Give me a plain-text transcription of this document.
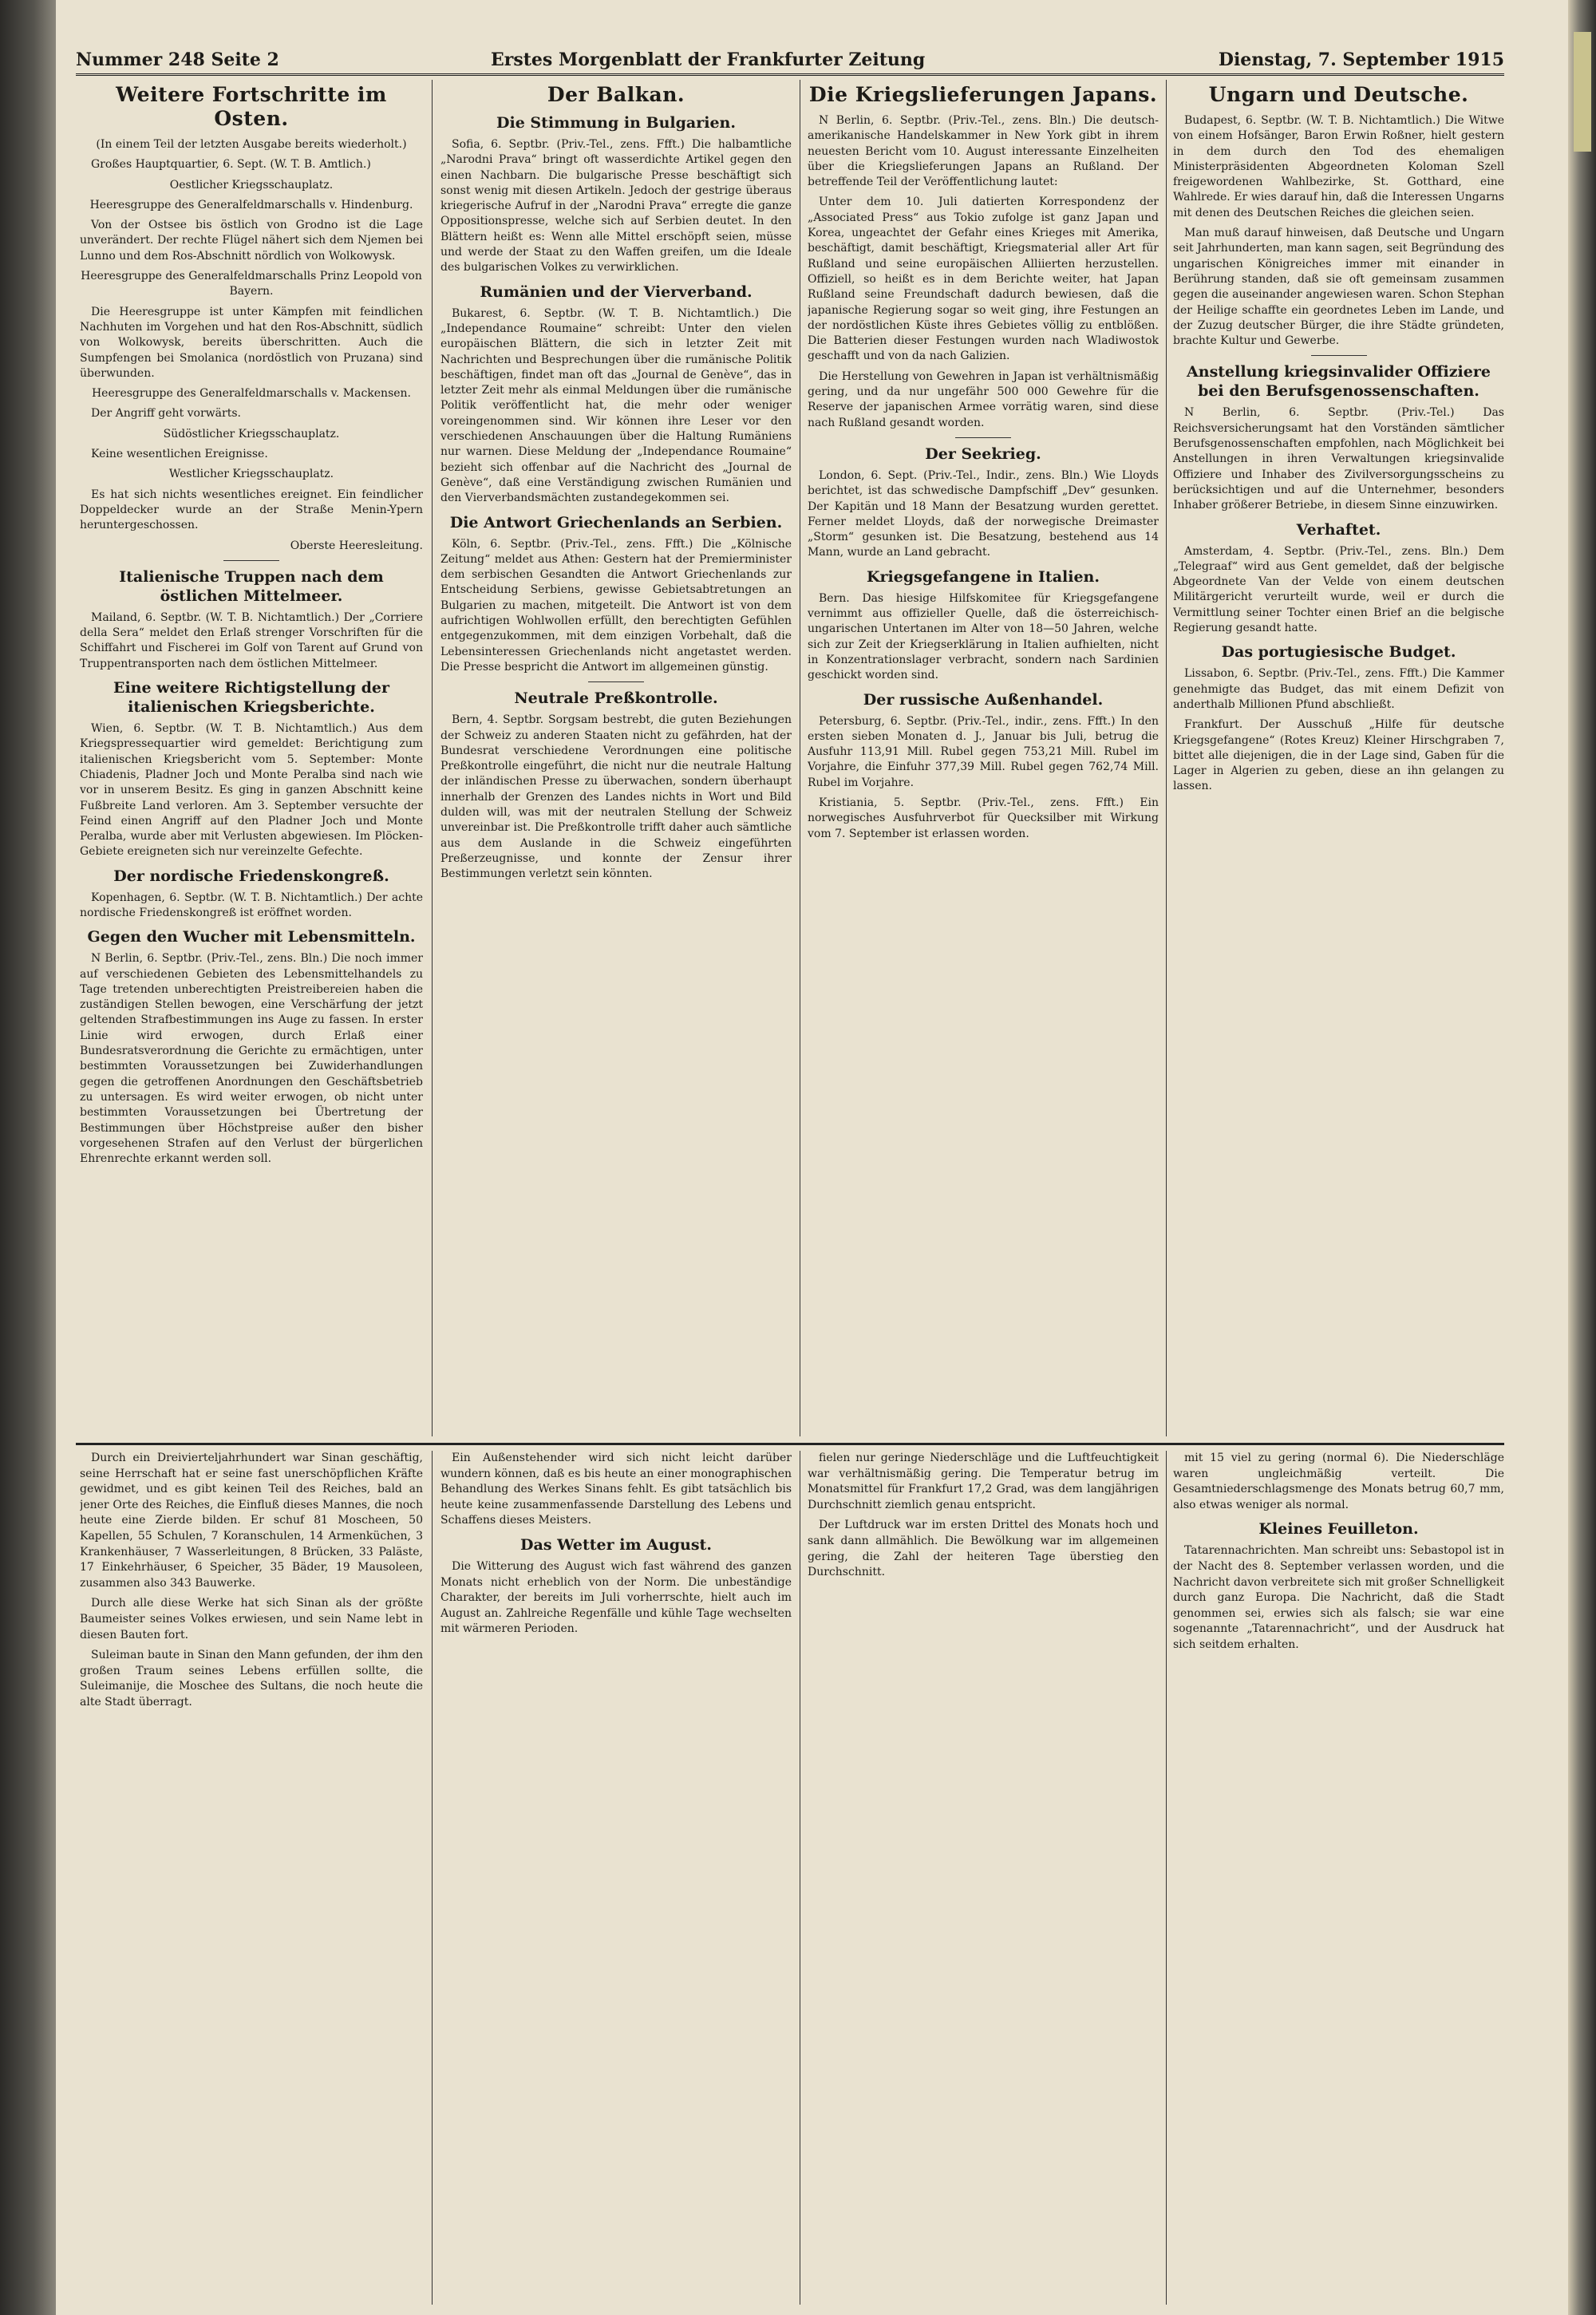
Nummer 248 Seite 2	Erstes Morgenblatt der Frankfurter Zeitung	Dienstag, 7. September 1915
Weitere Fortschritte im Osten.

(In einem Teil der letzten Ausgabe bereits wiederholt.)

Großes Hauptquartier, 6. Sept. (W. T. B. Amtlich.)

Oestlicher Kriegsschauplatz.

Heeresgruppe des Generalfeldmarschalls v. Hindenburg.

Von der Ostsee bis östlich von Grodno ist die Lage unverändert. Der rechte Flügel nähert sich dem Njemen bei Lunno und dem Ros-Abschnitt nördlich von Wolkowysk.

Heeresgruppe des Generalfeldmarschalls Prinz Leopold von Bayern.

Die Heeresgruppe ist unter Kämpfen mit feindlichen Nachhuten im Vorgehen und hat den Ros-Abschnitt, südlich von Wolkowysk, bereits überschritten. Auch die Sumpfengen bei Smolanica (nordöstlich von Pruzana) sind überwunden.

Heeresgruppe des Generalfeldmarschalls v. Mackensen.

Der Angriff geht vorwärts.

Südöstlicher Kriegsschauplatz.

Keine wesentlichen Ereignisse.

Westlicher Kriegsschauplatz.

Es hat sich nichts wesentliches ereignet. Ein feindlicher Doppeldecker wurde an der Straße Menin-Ypern heruntergeschossen.

Oberste Heeresleitung.

Italienische Truppen nach dem östlichen Mittelmeer.

Mailand, 6. Septbr. (W. T. B. Nichtamtlich.) Der „Corriere della Sera“ meldet den Erlaß strenger Vorschriften für die Schiffahrt und Fischerei im Golf von Tarent auf Grund von Truppentransporten nach dem östlichen Mittelmeer.

Eine weitere Richtigstellung der italienischen Kriegsberichte.

Wien, 6. Septbr. (W. T. B. Nichtamtlich.) Aus dem Kriegspressequartier wird gemeldet: Berichtigung zum italienischen Kriegsbericht vom 5. September: Monte Chiadenis, Pladner Joch und Monte Peralba sind nach wie vor in unserem Besitz. Es ging in ganzen Abschnitt keine Fußbreite Land verloren. Am 3. September versuchte der Feind einen Angriff auf den Pladner Joch und Monte Peralba, wurde aber mit Verlusten abgewiesen. Im Plöcken-Gebiete ereigneten sich nur vereinzelte Gefechte.

Der nordische Friedenskongreß.

Kopenhagen, 6. Septbr. (W. T. B. Nichtamtlich.) Der achte nordische Friedenskongreß ist eröffnet worden.

Gegen den Wucher mit Lebensmitteln.

N Berlin, 6. Septbr. (Priv.-Tel., zens. Bln.) Die noch immer auf verschiedenen Gebieten des Lebensmittelhandels zu Tage tretenden unberechtigten Preistreibereien haben die zuständigen Stellen bewogen, eine Verschärfung der jetzt geltenden Strafbestimmungen ins Auge zu fassen. In erster Linie wird erwogen, durch Erlaß einer Bundesratsverordnung die Gerichte zu ermächtigen, unter bestimmten Voraussetzungen bei Zuwiderhandlungen gegen die getroffenen Anordnungen den Geschäftsbetrieb zu untersagen. Es wird weiter erwogen, ob nicht unter bestimmten Voraussetzungen bei Übertretung der Bestimmungen über Höchstpreise außer den bisher vorgesehenen Strafen auf den Verlust der bürgerlichen Ehrenrechte erkannt werden soll.

Der Balkan.
Die Stimmung in Bulgarien.

Sofia, 6. Septbr. (Priv.-Tel., zens. Ffft.) Die halbamtliche „Narodni Prava“ bringt oft wasserdichte Artikel gegen den einen Nachbarn. Die bulgarische Presse beschäftigt sich sonst wenig mit diesen Artikeln. Jedoch der gestrige überaus kriegerische Aufruf in der „Narodni Prava“ erregte die ganze Oppositionspresse, welche sich auf Serbien deutet. In den Blättern heißt es: Wenn alle Mittel erschöpft seien, müsse und werde der Staat zu den Waffen greifen, um die Ideale des bulgarischen Volkes zu verwirklichen.

Rumänien und der Vierverband.

Bukarest, 6. Septbr. (W. T. B. Nichtamtlich.) Die „Independance Roumaine“ schreibt: Unter den vielen europäischen Blättern, die sich in letzter Zeit mit Nachrichten und Besprechungen über die rumänische Politik beschäftigen, findet man oft das „Journal de Genève“, das in letzter Zeit mehr als einmal Meldungen über die rumänische Politik veröffentlicht hat, die mehr oder weniger voreingenommen sind. Wir können ihre Leser vor den verschiedenen Anschauungen über die Haltung Rumäniens nur warnen. Diese Meldung der „Independance Roumaine“ bezieht sich offenbar auf die Nachricht des „Journal de Genève“, daß eine Verständigung zwischen Rumänien und den Vierverbandsmächten zustandegekommen sei.

Die Antwort Griechenlands an Serbien.

Köln, 6. Septbr. (Priv.-Tel., zens. Ffft.) Die „Kölnische Zeitung“ meldet aus Athen: Gestern hat der Premierminister dem serbischen Gesandten die Antwort Griechenlands zur Entscheidung Serbiens, gewisse Gebietsabtretungen an Bulgarien zu machen, mitgeteilt. Die Antwort ist von dem aufrichtigen Wohlwollen erfüllt, den berechtigten Gefühlen entgegenzukommen, mit dem einzigen Vorbehalt, daß die Lebensinteressen Griechenlands nicht angetastet werden. Die Presse bespricht die Antwort im allgemeinen günstig.

Neutrale Preßkontrolle.

Bern, 4. Septbr. Sorgsam bestrebt, die guten Beziehungen der Schweiz zu anderen Staaten nicht zu gefährden, hat der Bundesrat verschiedene Verordnungen eine politische Preßkontrolle eingeführt, die nicht nur die neutrale Haltung der inländischen Presse zu überwachen, sondern überhaupt innerhalb der Grenzen des Landes nichts in Wort und Bild dulden will, was mit der neutralen Stellung der Schweiz unvereinbar ist. Die Preßkontrolle trifft daher auch sämtliche aus dem Auslande in die Schweiz eingeführten Preßerzeugnisse, und konnte der Zensur ihrer Bestimmungen verletzt sein könnten.

Die Kriegslieferungen Japans.

N Berlin, 6. Septbr. (Priv.-Tel., zens. Bln.) Die deutsch-amerikanische Handelskammer in New York gibt in ihrem neuesten Bericht vom 10. August interessante Einzelheiten über die Kriegslieferungen Japans an Rußland. Der betreffende Teil der Veröffentlichung lautet:

Unter dem 10. Juli datierten Korrespondenz der „Associated Press“ aus Tokio zufolge ist ganz Japan und Korea, ungeachtet der Gefahr eines Krieges mit Amerika, beschäftigt, damit beschäftigt, Kriegsmaterial aller Art für Rußland und seine europäischen Alliierten herzustellen. Offiziell, so heißt es in dem Berichte weiter, hat Japan Rußland seine Freundschaft dadurch bewiesen, daß die japanische Regierung sogar so weit ging, ihre Festungen an der nordöstlichen Küste ihres Gebietes völlig zu entblößen. Die Batterien dieser Festungen wurden nach Wladiwostok geschafft und von da nach Galizien.

Die Herstellung von Gewehren in Japan ist verhältnismäßig gering, und da nur ungefähr 500 000 Gewehre für die Reserve der japanischen Armee vorrätig waren, sind diese nach Rußland gesandt worden.

Der Seekrieg.

London, 6. Sept. (Priv.-Tel., Indir., zens. Bln.) Wie Lloyds berichtet, ist das schwedische Dampfschiff „Dev“ gesunken. Der Kapitän und 18 Mann der Besatzung wurden gerettet. Ferner meldet Lloyds, daß der norwegische Dreimaster „Storm“ gesunken ist. Die Besatzung, bestehend aus 14 Mann, wurde an Land gebracht.

Kriegsgefangene in Italien.

Bern. Das hiesige Hilfskomitee für Kriegsgefangene vernimmt aus offizieller Quelle, daß die österreichisch-ungarischen Untertanen im Alter von 18—50 Jahren, welche sich zur Zeit der Kriegserklärung in Italien aufhielten, nicht in Konzentrationslager verbracht, sondern nach Sardinien geschickt worden sind.

Der russische Außenhandel.

Petersburg, 6. Septbr. (Priv.-Tel., indir., zens. Ffft.) In den ersten sieben Monaten d. J., Januar bis Juli, betrug die Ausfuhr 113,91 Mill. Rubel gegen 753,21 Mill. Rubel im Vorjahre, die Einfuhr 377,39 Mill. Rubel gegen 762,74 Mill. Rubel im Vorjahre.

Kristiania, 5. Septbr. (Priv.-Tel., zens. Ffft.) Ein norwegisches Ausfuhrverbot für Quecksilber mit Wirkung vom 7. September ist erlassen worden.

Ungarn und Deutsche.

Budapest, 6. Septbr. (W. T. B. Nichtamtlich.) Die Witwe von einem Hofsänger, Baron Erwin Roßner, hielt gestern in dem durch den Tod des ehemaligen Ministerpräsidenten Abgeordneten Koloman Szell freigewordenen Wahlbezirke, St. Gotthard, eine Wahlrede. Er wies darauf hin, daß die Interessen Ungarns mit denen des Deutschen Reiches die gleichen seien.

Man muß darauf hinweisen, daß Deutsche und Ungarn seit Jahrhunderten, man kann sagen, seit Begründung des ungarischen Königreiches immer mit einander in Berührung standen, daß sie oft gemeinsam zusammen gegen die auseinander angewiesen waren. Schon Stephan der Heilige schaffte ein geordnetes Leben im Lande, und der Zuzug deutscher Bürger, die ihre Städte gründeten, brachte Kultur und Gewerbe.

Anstellung kriegsinvalider Offiziere bei den Berufsgenossenschaften.

N Berlin, 6. Septbr. (Priv.-Tel.) Das Reichsversicherungsamt hat den Vorständen sämtlicher Berufsgenossenschaften empfohlen, nach Möglichkeit bei Anstellungen in ihren Verwaltungen kriegsinvalide Offiziere und Inhaber des Zivilversorgungsscheins zu berücksichtigen und auf die Unternehmer, besonders Inhaber größerer Betriebe, in diesem Sinne einzuwirken.

Verhaftet.

Amsterdam, 4. Septbr. (Priv.-Tel., zens. Bln.) Dem „Telegraaf“ wird aus Gent gemeldet, daß der belgische Abgeordnete Van der Velde von einem deutschen Militärgericht verurteilt wurde, weil er durch die Vermittlung seiner Tochter einen Brief an die belgische Regierung gesandt hatte.

Das portugiesische Budget.

Lissabon, 6. Septbr. (Priv.-Tel., zens. Ffft.) Die Kammer genehmigte das Budget, das mit einem Defizit von anderthalb Millionen Pfund abschließt.

Frankfurt. Der Ausschuß „Hilfe für deutsche Kriegsgefangene“ (Rotes Kreuz) Kleiner Hirschgraben 7, bittet alle diejenigen, die in der Lage sind, Gaben für die Lager in Algerien zu geben, diese an ihn gelangen zu lassen.

Durch ein Dreivierteljahrhundert war Sinan geschäftig, seine Herrschaft hat er seine fast unerschöpflichen Kräfte gewidmet, und es gibt keinen Teil des Reiches, bald an jener Orte des Reiches, die Einfluß dieses Mannes, die noch heute eine Zierde bilden. Er schuf 81 Moscheen, 50 Kapellen, 55 Schulen, 7 Koranschulen, 14 Armenküchen, 3 Krankenhäuser, 7 Wasserleitungen, 8 Brücken, 33 Paläste, 17 Einkehrhäuser, 6 Speicher, 35 Bäder, 19 Mausoleen, zusammen also 343 Bauwerke.

Durch alle diese Werke hat sich Sinan als der größte Baumeister seines Volkes erwiesen, und sein Name lebt in diesen Bauten fort.

Suleiman baute in Sinan den Mann gefunden, der ihm den großen Traum seines Lebens erfüllen sollte, die Suleimanije, die Moschee des Sultans, die noch heute die alte Stadt überragt.

Ein Außenstehender wird sich nicht leicht darüber wundern können, daß es bis heute an einer monographischen Behandlung des Werkes Sinans fehlt. Es gibt tatsächlich bis heute keine zusammenfassende Darstellung des Lebens und Schaffens dieses Meisters.

Das Wetter im August.

Die Witterung des August wich fast während des ganzen Monats nicht erheblich von der Norm. Die unbeständige Charakter, der bereits im Juli vorherrschte, hielt auch im August an. Zahlreiche Regenfälle und kühle Tage wechselten mit wärmeren Perioden.

fielen nur geringe Niederschläge und die Luftfeuchtigkeit war verhältnismäßig gering. Die Temperatur betrug im Monatsmittel für Frankfurt 17,2 Grad, was dem langjährigen Durchschnitt ziemlich genau entspricht.

Der Luftdruck war im ersten Drittel des Monats hoch und sank dann allmählich. Die Bewölkung war im allgemeinen gering, die Zahl der heiteren Tage überstieg den Durchschnitt.

mit 15 viel zu gering (normal 6). Die Niederschläge waren ungleichmäßig verteilt. Die Gesamtniederschlagsmenge des Monats betrug 60,7 mm, also etwas weniger als normal.

Kleines Feuilleton.

Tatarennachrichten. Man schreibt uns: Sebastopol ist in der Nacht des 8. September verlassen worden, und die Nachricht davon verbreitete sich mit großer Schnelligkeit durch ganz Europa. Die Nachricht, daß die Stadt genommen sei, erwies sich als falsch; sie war eine sogenannte „Tatarennachricht“, und der Ausdruck hat sich seitdem erhalten.
